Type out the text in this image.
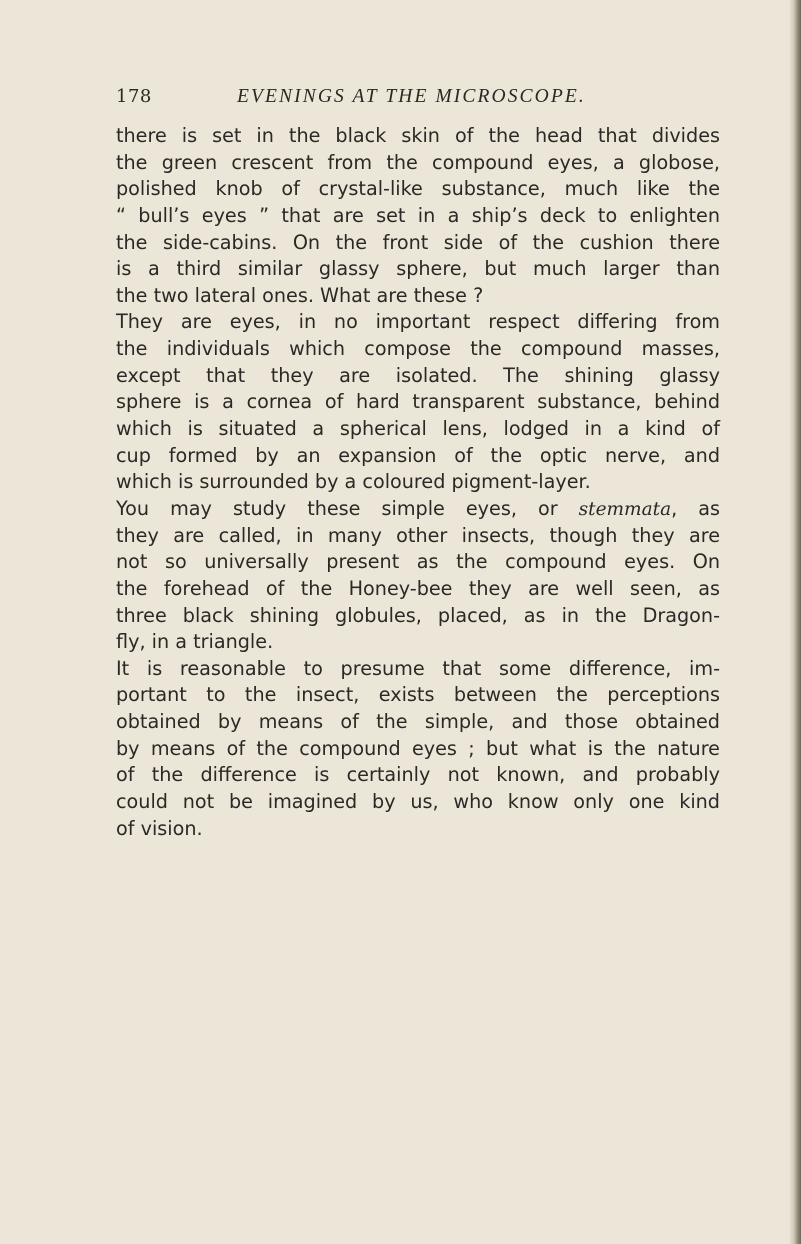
178	EVENINGS AT THE MICROSCOPE.
there is set in the black skin of the head that divides
the green crescent from the compound eyes, a globose,
polished knob of crystal-like substance, much like the
“ bull’s eyes ” that are set in a ship’s deck to enlighten
the side-cabins. On the front side of the cushion there
is a third similar glassy sphere, but much larger than
the two lateral ones. What are these ?
They are eyes, in no important respect differing from
the individuals which compose the compound masses,
except that they are isolated. The shining glassy
sphere is a cornea of hard transparent substance, behind
which is situated a spherical lens, lodged in a kind of
cup formed by an expansion of the optic nerve, and
which is surrounded by a coloured pigment-layer.
You may study these simple eyes, or stemmata, as
they are called, in many other insects, though they are
not so universally present as the compound eyes. On
the forehead of the Honey-bee they are well seen, as
three black shining globules, placed, as in the Dragon-
fly, in a triangle.
It is reasonable to presume that some difference, im-
portant to the insect, exists between the perceptions
obtained by means of the simple, and those obtained
by means of the compound eyes ; but what is the nature
of the difference is certainly not known, and probably
could not be imagined by us, who know only one kind
of vision.
